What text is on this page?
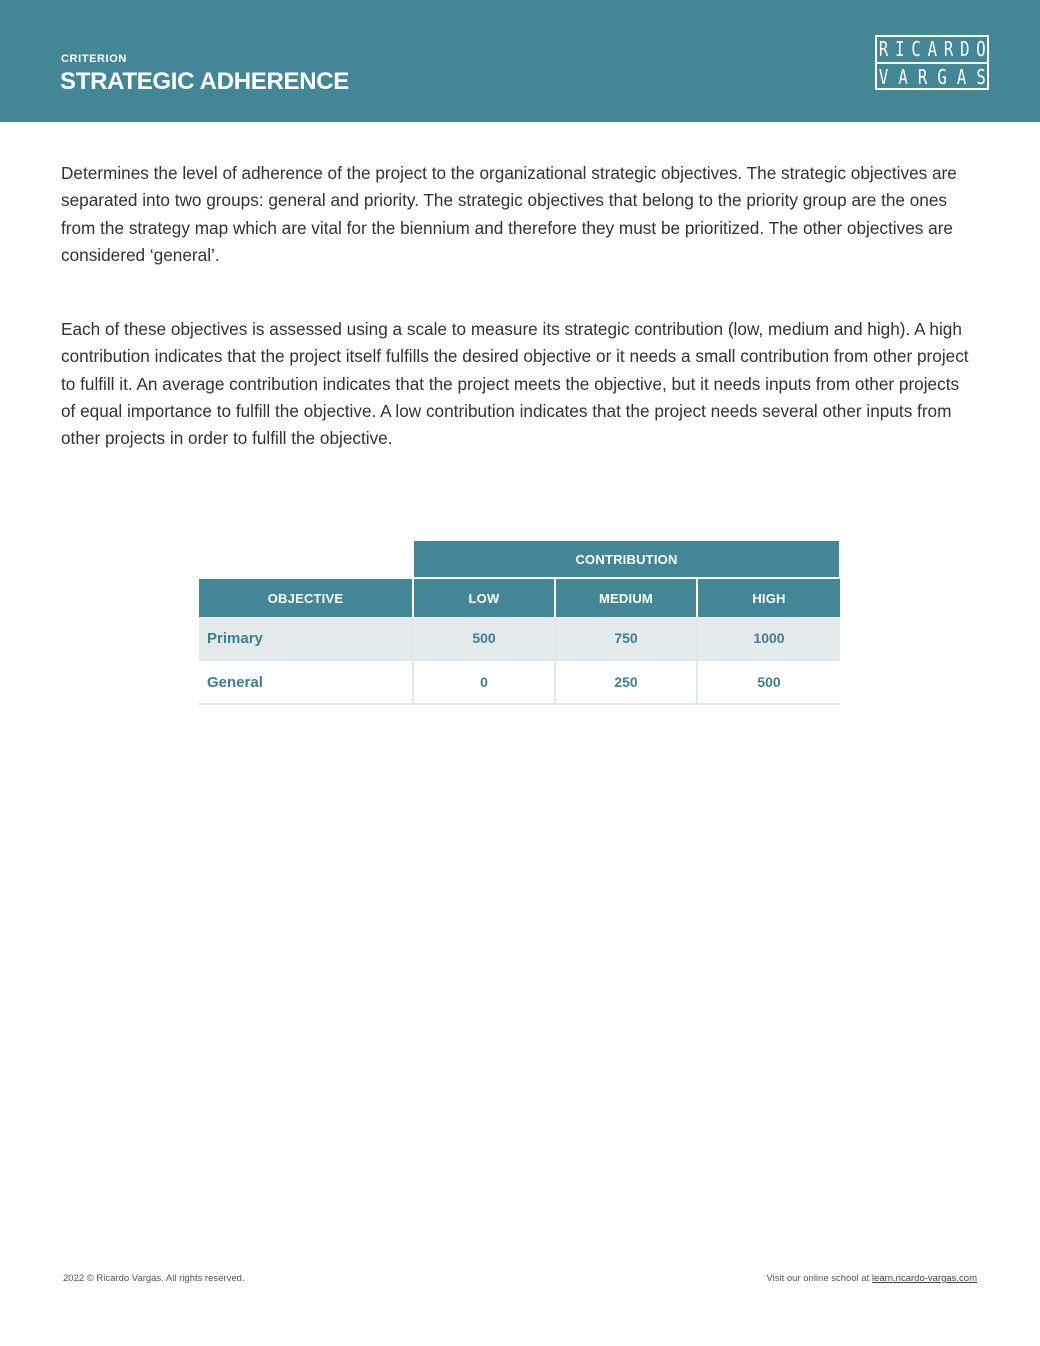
CRITERION
STRATEGIC ADHERENCE
R I C A R D O
V A R G A S

Determines the level of adherence of the project to the organizational strategic objectives. The strategic objectives are separated into two groups: general and priority. The strategic objectives that belong to the priority group are the ones from the strategy map which are vital for the biennium and therefore they must be prioritized. The other objectives are considered ‘general’.

Each of these objectives is assessed using a scale to measure its strategic contribution (low, medium and high). A high contribution indicates that the project itself fulfills the desired objective or it needs a small contribution from other project to fulfill it. An average contribution indicates that the project meets the objective, but it needs inputs from other projects of equal importance to fulfill the objective. A low contribution indicates that the project needs several other inputs from other projects in order to fulfill the objective.

CONTRIBUTION
OBJECTIVE	LOW	MEDIUM	HIGH
Primary	500	750	1000
General	0	250	500
2022 © Ricardo Vargas. All rights reserved.	Visit our online school at learn.ricardo-vargas.com
